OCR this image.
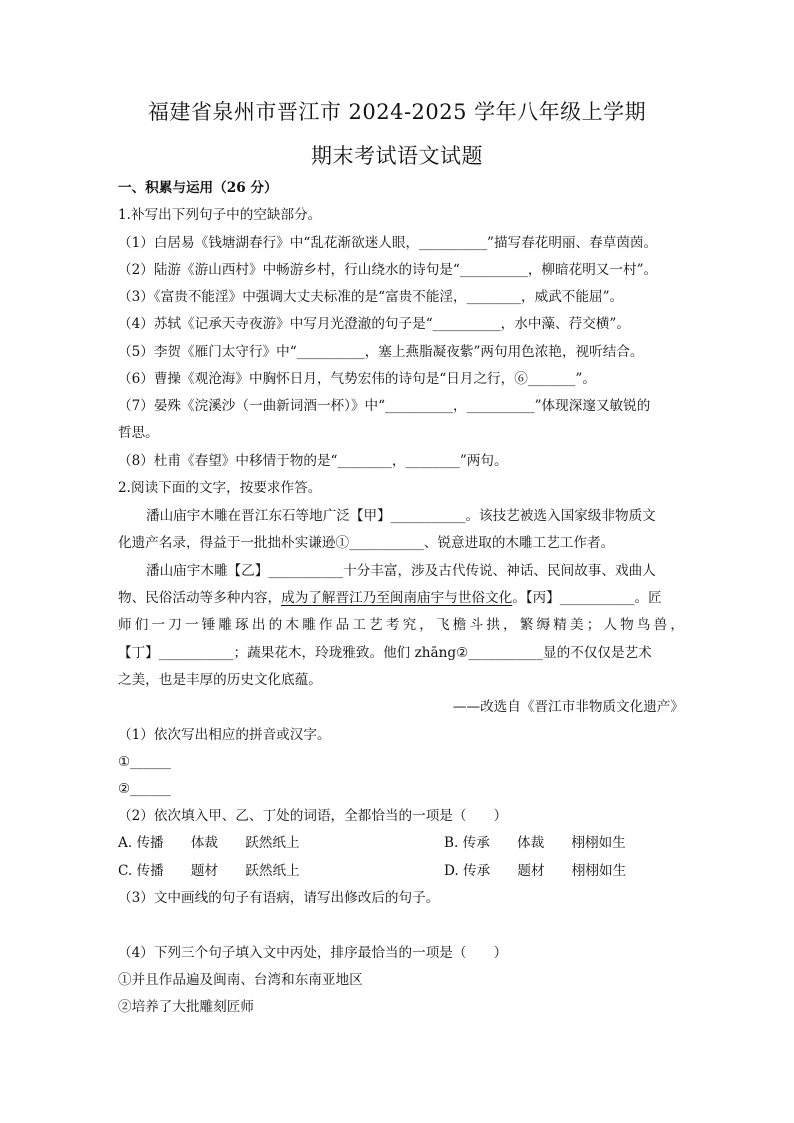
福建省泉州市晋江市 2024-2025 学年八年级上学期
期末考试语文试题
一、积累与运用（26 分）
1.补写出下列句子中的空缺部分。
（1）白居易《钱塘湖春行》中“乱花渐欲迷人眼，__________”描写春花明丽、春草茵茵。
（2）陆游《游山西村》中畅游乡村，行山绕水的诗句是“__________，柳暗花明又一村”。
（3）《富贵不能淫》中强调大丈夫标准的是“富贵不能淫，________，威武不能屈”。
（4）苏轼《记承天寺夜游》中写月光澄澈的句子是“__________，水中藻、荇交横”。
（5）李贺《雁门太守行》中“__________，塞上燕脂凝夜紫”两句用色浓艳，视听结合。
（6）曹操《观沧海》中胸怀日月，气势宏伟的诗句是“日月之行，⑥_______”。
（7）晏殊《浣溪沙（一曲新词酒一杯）》中“__________，__________”体现深邃又敏锐的
哲思。
（8）杜甫《春望》中移情于物的是“________，________”两句。
2.阅读下面的文字，按要求作答。
潘山庙宇木雕在晋江东石等地广泛【甲】___________。该技艺被选入国家级非物质文
化遗产名录，得益于一批拙朴实谦逊①___________、锐意进取的木雕工艺工作者。
潘山庙宇木雕【乙】___________十分丰富，涉及古代传说、神话、民间故事、戏曲人
物、民俗活动等多种内容，成为了解晋江乃至闽南庙宇与世俗文化。【丙】___________。匠
师们一刀一锤雕琢出的木雕作品工艺考究，飞檐斗拱，繁缛精美；人物鸟兽，
【丁】___________；蔬果花木，玲珑雅致。他们 zhāng②___________显的不仅仅是艺术
之美，也是丰厚的历史文化底蕴。
——改选自《晋江市非物质文化遗产》
（1）依次写出相应的拼音或汉字。
①______
②______
（2）依次填入甲、乙、丁处的词语，全都恰当的一项是（　　）
A. 传播　　体裁　　跃然纸上	B. 传承　　体裁　　栩栩如生
C. 传播　　题材　　跃然纸上	D. 传承　　题材　　栩栩如生
（3）文中画线的句子有语病，请写出修改后的句子。
（4）下列三个句子填入文中丙处，排序最恰当的一项是（　　）
①并且作品遍及闽南、台湾和东南亚地区
②培养了大批雕刻匠师
